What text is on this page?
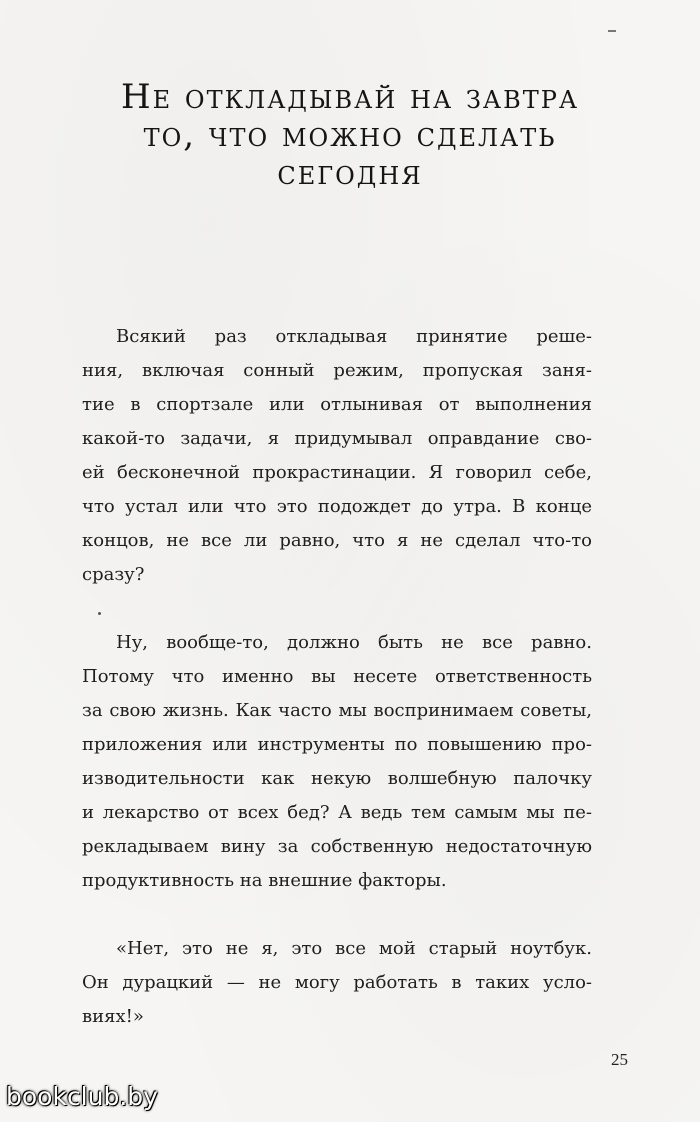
Не откладывай на завтра
то, что можно сделать
сегодня

Всякий раз откладывая принятие реше-
ния, включая сонный режим, пропуская заня-
тие в спортзале или отлынивая от выполнения
какой-то задачи, я придумывал оправдание сво-
ей бесконечной прокрастинации. Я говорил себе,
что устал или что это подождет до утра. В конце
концов, не все ли равно, что я не сделал что-то
сразу?

Ну, вообще-то, должно быть не все равно.
Потому что именно вы несете ответственность
за свою жизнь. Как часто мы воспринимаем советы,
приложения или инструменты по повышению про-
изводительности как некую волшебную палочку
и лекарство от всех бед? А ведь тем самым мы пе-
рекладываем вину за собственную недостаточную
продуктивность на внешние факторы.

«Нет, это не я, это все мой старый ноутбук.
Он дурацкий — не могу работать в таких усло-
виях!»

25
bookclub.by
